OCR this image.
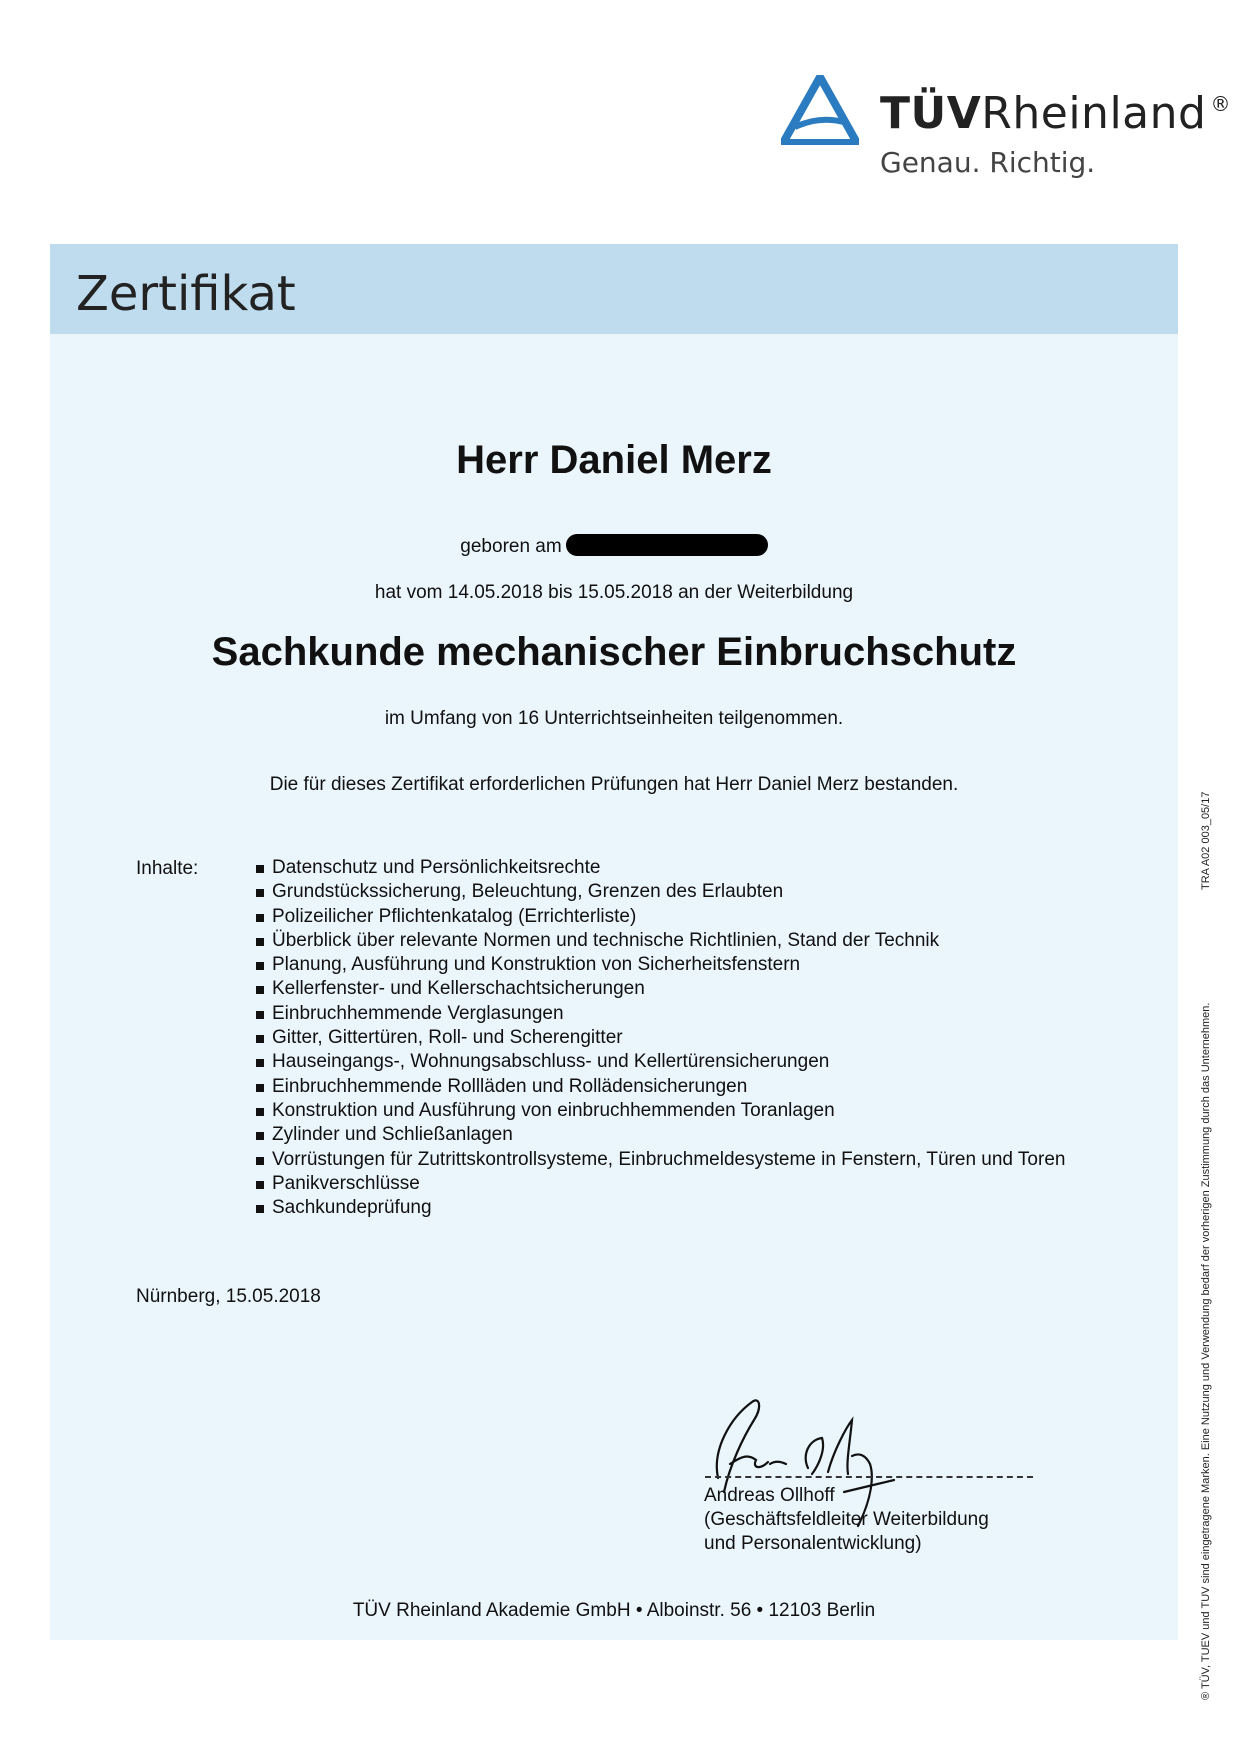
TÜVRheinland ®
Genau. Richtig.
Zertifikat
Herr Daniel Merz
geboren am
hat vom 14.05.2018 bis 15.05.2018 an der Weiterbildung
Sachkunde mechanischer Einbruchschutz
im Umfang von 16 Unterrichtseinheiten teilgenommen.
Die für dieses Zertifikat erforderlichen Prüfungen hat Herr Daniel Merz bestanden.
Inhalte:	Datenschutz und Persönlichkeitsrechte
Grundstückssicherung, Beleuchtung, Grenzen des Erlaubten
Polizeilicher Pflichtenkatalog (Errichterliste)
Überblick über relevante Normen und technische Richtlinien, Stand der Technik
Planung, Ausführung und Konstruktion von Sicherheitsfenstern
Kellerfenster- und Kellerschachtsicherungen
Einbruchhemmende Verglasungen
Gitter, Gittertüren, Roll- und Scherengitter
Hauseingangs-, Wohnungsabschluss- und Kellertürensicherungen
Einbruchhemmende Rollläden und Rollädensicherungen
Konstruktion und Ausführung von einbruchhemmenden Toranlagen
Zylinder und Schließanlagen
Vorrüstungen für Zutrittskontrollsysteme, Einbruchmeldesysteme in Fenstern, Türen und Toren
Panikverschlüsse
Sachkundeprüfung
Nürnberg, 15.05.2018
Andreas Ollhoff
(Geschäftsfeldleiter Weiterbildung
und Personalentwicklung)
TÜV Rheinland Akademie GmbH • Alboinstr. 56 • 12103 Berlin	® TÜV, TUEV und TUV sind eingetragene Marken. Eine Nutzung und Verwendung bedarf der vorherigen Zustimmung durch das Unternehmen.
TRA A02 003_05/17
